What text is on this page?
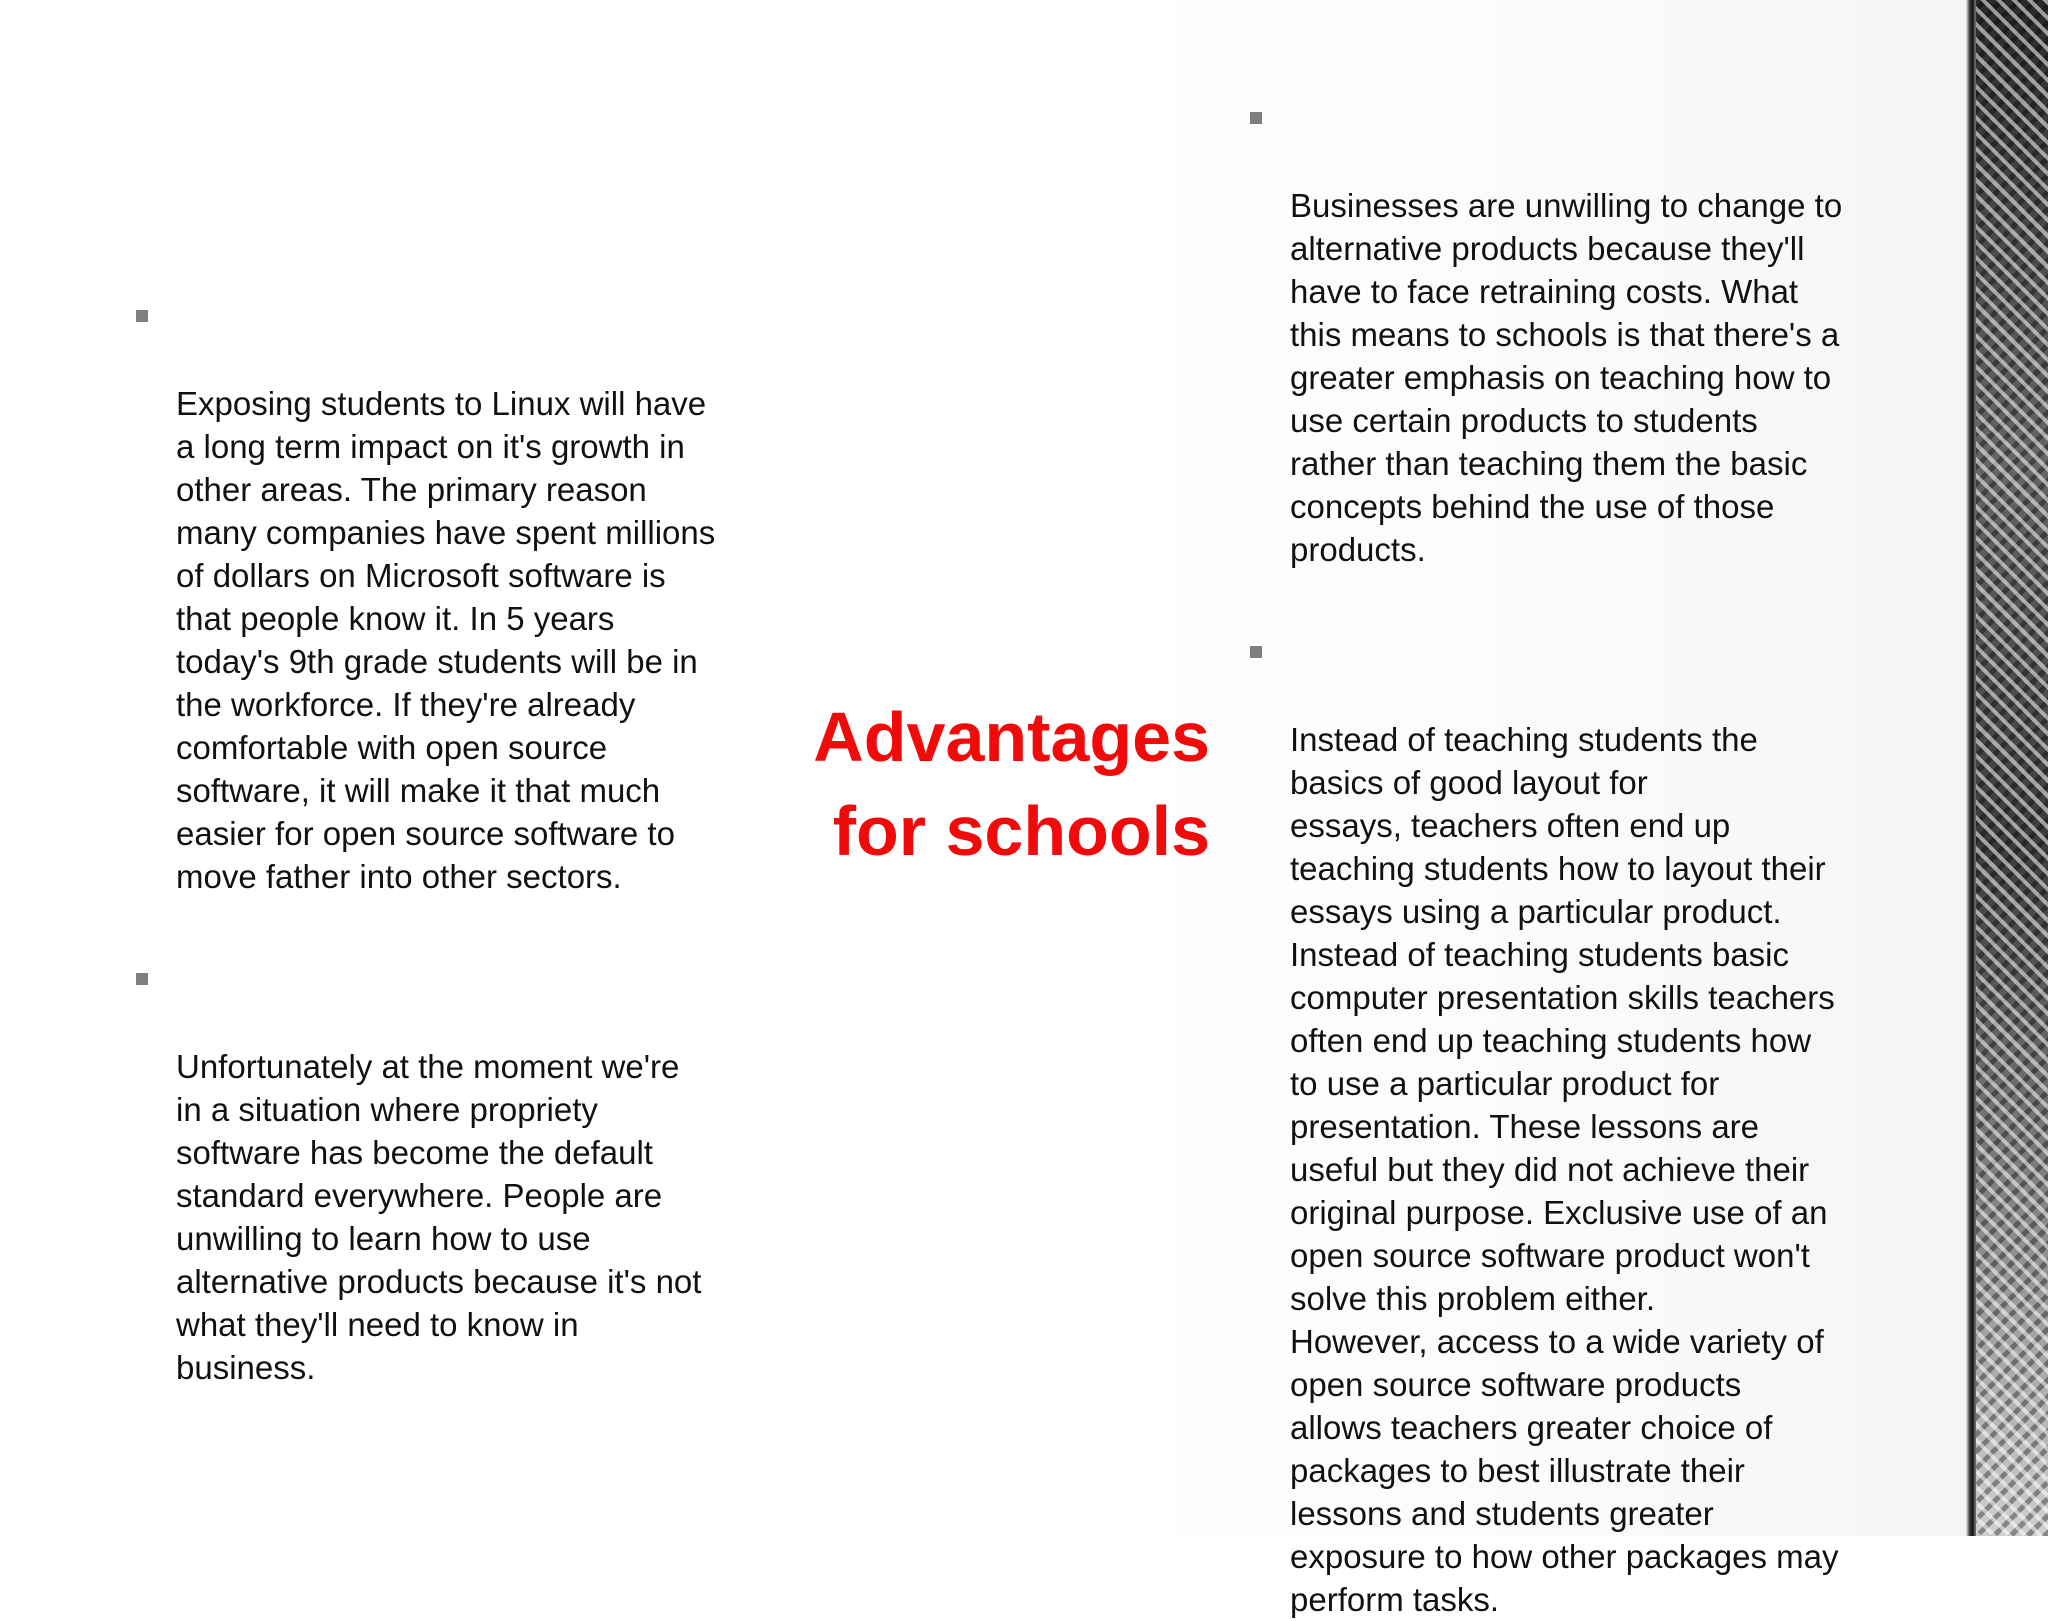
Exposing students to Linux will have
a long term impact on it's growth in
other areas. The primary reason
many companies have spent millions
of dollars on Microsoft software is
that people know it. In 5 years
today's 9th grade students will be in
the workforce. If they're already
comfortable with open source
software, it will make it that much
easier for open source software to
move father into other sectors.

Unfortunately at the moment we're
in a situation where propriety
software has become the default
standard everywhere. People are
unwilling to learn how to use
alternative products because it's not
what they'll need to know in
business.

Advantages
for schools

Businesses are unwilling to change to
alternative products because they'll
have to face retraining costs. What
this means to schools is that there's a
greater emphasis on teaching how to
use certain products to students
rather than teaching them the basic
concepts behind the use of those
products.

Instead of teaching students the
basics of good layout for
essays, teachers often end up
teaching students how to layout their
essays using a particular product.
Instead of teaching students basic
computer presentation skills teachers
often end up teaching students how
to use a particular product for
presentation. These lessons are
useful but they did not achieve their
original purpose. Exclusive use of an
open source software product won't
solve this problem either.
However, access to a wide variety of
open source software products
allows teachers greater choice of
packages to best illustrate their
lessons and students greater
exposure to how other packages may
perform tasks.
